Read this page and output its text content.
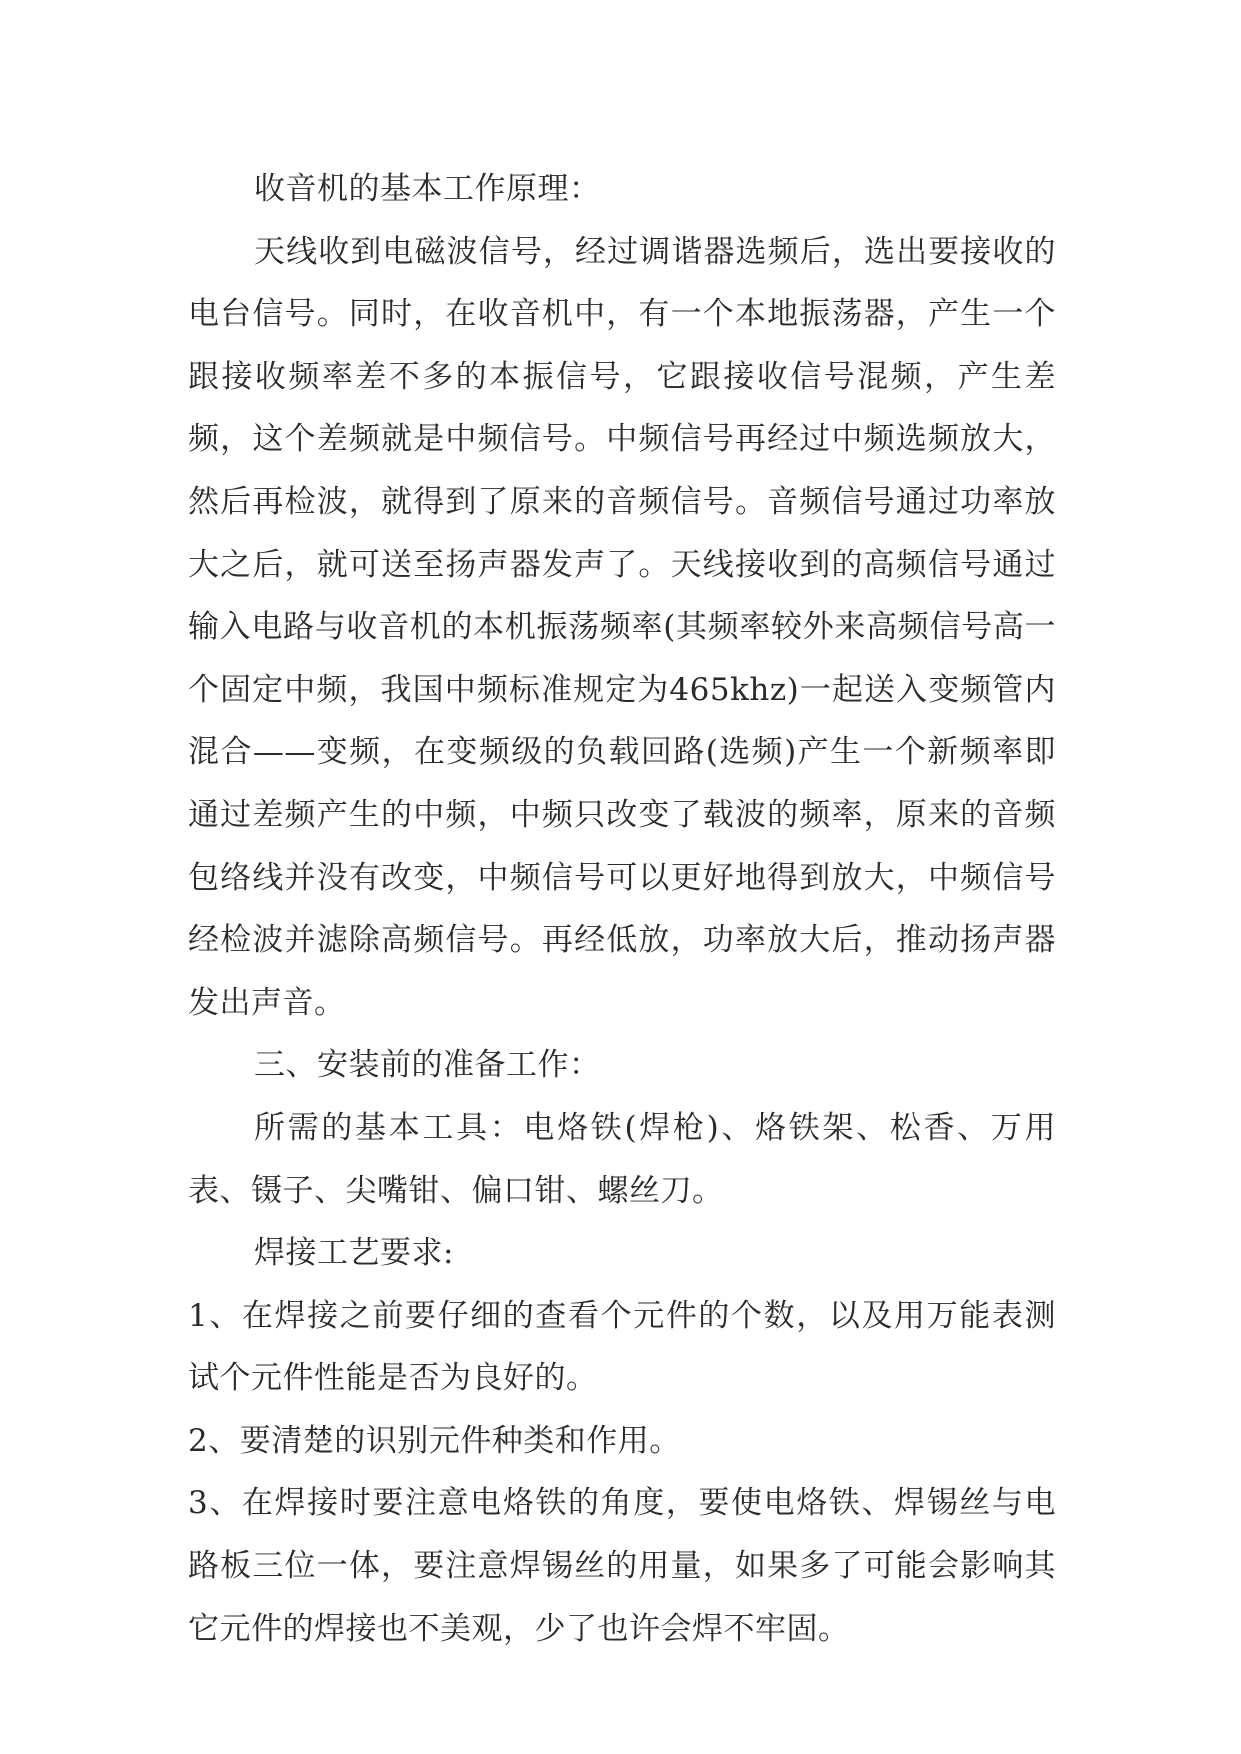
收音机的基本工作原理：

天线收到电磁波信号，经过调谐器选频后，选出要接收的电台信号。同时，在收音机中，有一个本地振荡器，产生一个跟接收频率差不多的本振信号，它跟接收信号混频，产生差频，这个差频就是中频信号。中频信号再经过中频选频放大，然后再检波，就得到了原来的音频信号。音频信号通过功率放大之后，就可送至扬声器发声了。天线接收到的高频信号通过输入电路与收音机的本机振荡频率(其频率较外来高频信号高一个固定中频，我国中频标准规定为465khz)一起送入变频管内混合——变频，在变频级的负载回路(选频)产生一个新频率即通过差频产生的中频，中频只改变了载波的频率，原来的音频包络线并没有改变，中频信号可以更好地得到放大，中频信号经检波并滤除高频信号。再经低放，功率放大后，推动扬声器发出声音。

三、安装前的准备工作：

所需的基本工具：电烙铁(焊枪)、烙铁架、松香、万用表、镊子、尖嘴钳、偏口钳、螺丝刀。

焊接工艺要求:

1、在焊接之前要仔细的查看个元件的个数，以及用万能表测试个元件性能是否为良好的。

2、要清楚的识别元件种类和作用。

3、在焊接时要注意电烙铁的角度，要使电烙铁、焊锡丝与电路板三位一体，要注意焊锡丝的用量，如果多了可能会影响其它元件的焊接也不美观，少了也许会焊不牢固。
